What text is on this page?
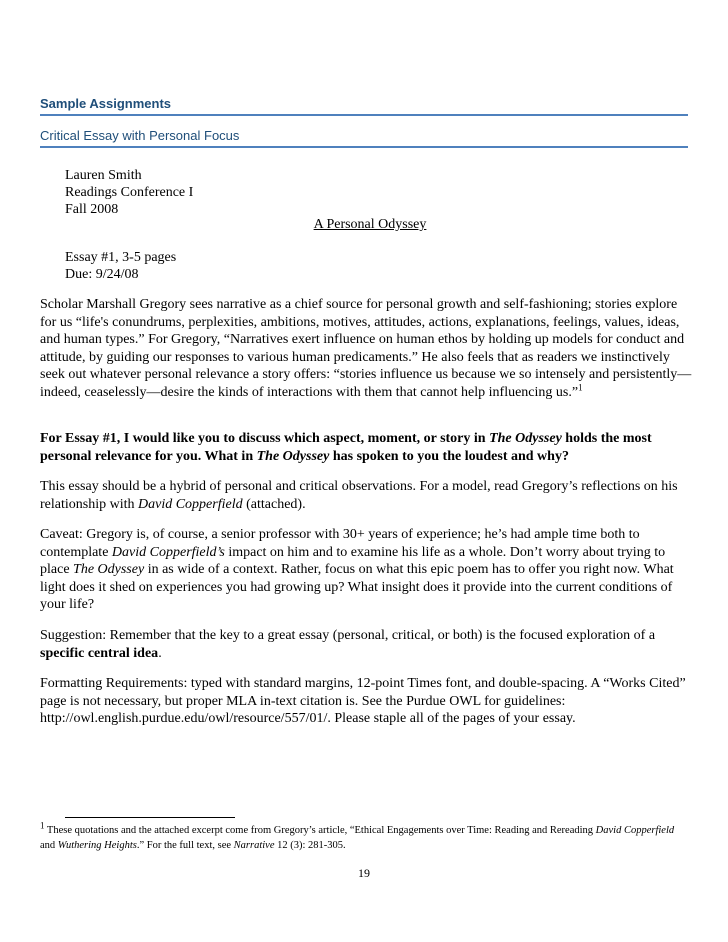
Sample Assignments
Critical Essay with Personal Focus
Lauren Smith
Readings Conference I
Fall 2008
A Personal Odyssey
Essay #1, 3-5 pages
Due: 9/24/08

Scholar Marshall Gregory sees narrative as a chief source for personal growth and self-fashioning; stories explore for us “life's conundrums, perplexities, ambitions, motives, attitudes, actions, explanations, feelings, values, ideas, and human types.” For Gregory, “Narratives exert influence on human ethos by holding up models for conduct and attitude, by guiding our responses to various human predicaments.” He also feels that as readers we instinctively seek out whatever personal relevance a story offers: “stories influence us because we so intensely and persistently—indeed, ceaselessly—desire the kinds of interactions with them that cannot help influencing us.”$^1$

For Essay #1, I would like you to discuss which aspect, moment, or story in The Odyssey holds the most personal relevance for you. What in The Odyssey has spoken to you the loudest and why?

This essay should be a hybrid of personal and critical observations. For a model, read Gregory’s reflections on his relationship with David Copperfield (attached).

Caveat: Gregory is, of course, a senior professor with 30+ years of experience; he’s had ample time both to contemplate David Copperfield’s impact on him and to examine his life as a whole. Don’t worry about trying to place The Odyssey in as wide of a context. Rather, focus on what this epic poem has to offer you right now. What light does it shed on experiences you had growing up? What insight does it provide into the current conditions of your life?

Suggestion: Remember that the key to a great essay (personal, critical, or both) is the focused exploration of a specific central idea.

Formatting Requirements: typed with standard margins, 12-point Times font, and double-spacing. A “Works Cited” page is not necessary, but proper MLA in-text citation is. See the Purdue OWL for guidelines: http://owl.english.purdue.edu/owl/resource/557/01/. Please staple all of the pages of your essay.

$^1$ These quotations and the attached excerpt come from Gregory’s article, “Ethical Engagements over Time: Reading and Rereading David Copperfield and Wuthering Heights.” For the full text, see Narrative 12 (3): 281-305.

19
